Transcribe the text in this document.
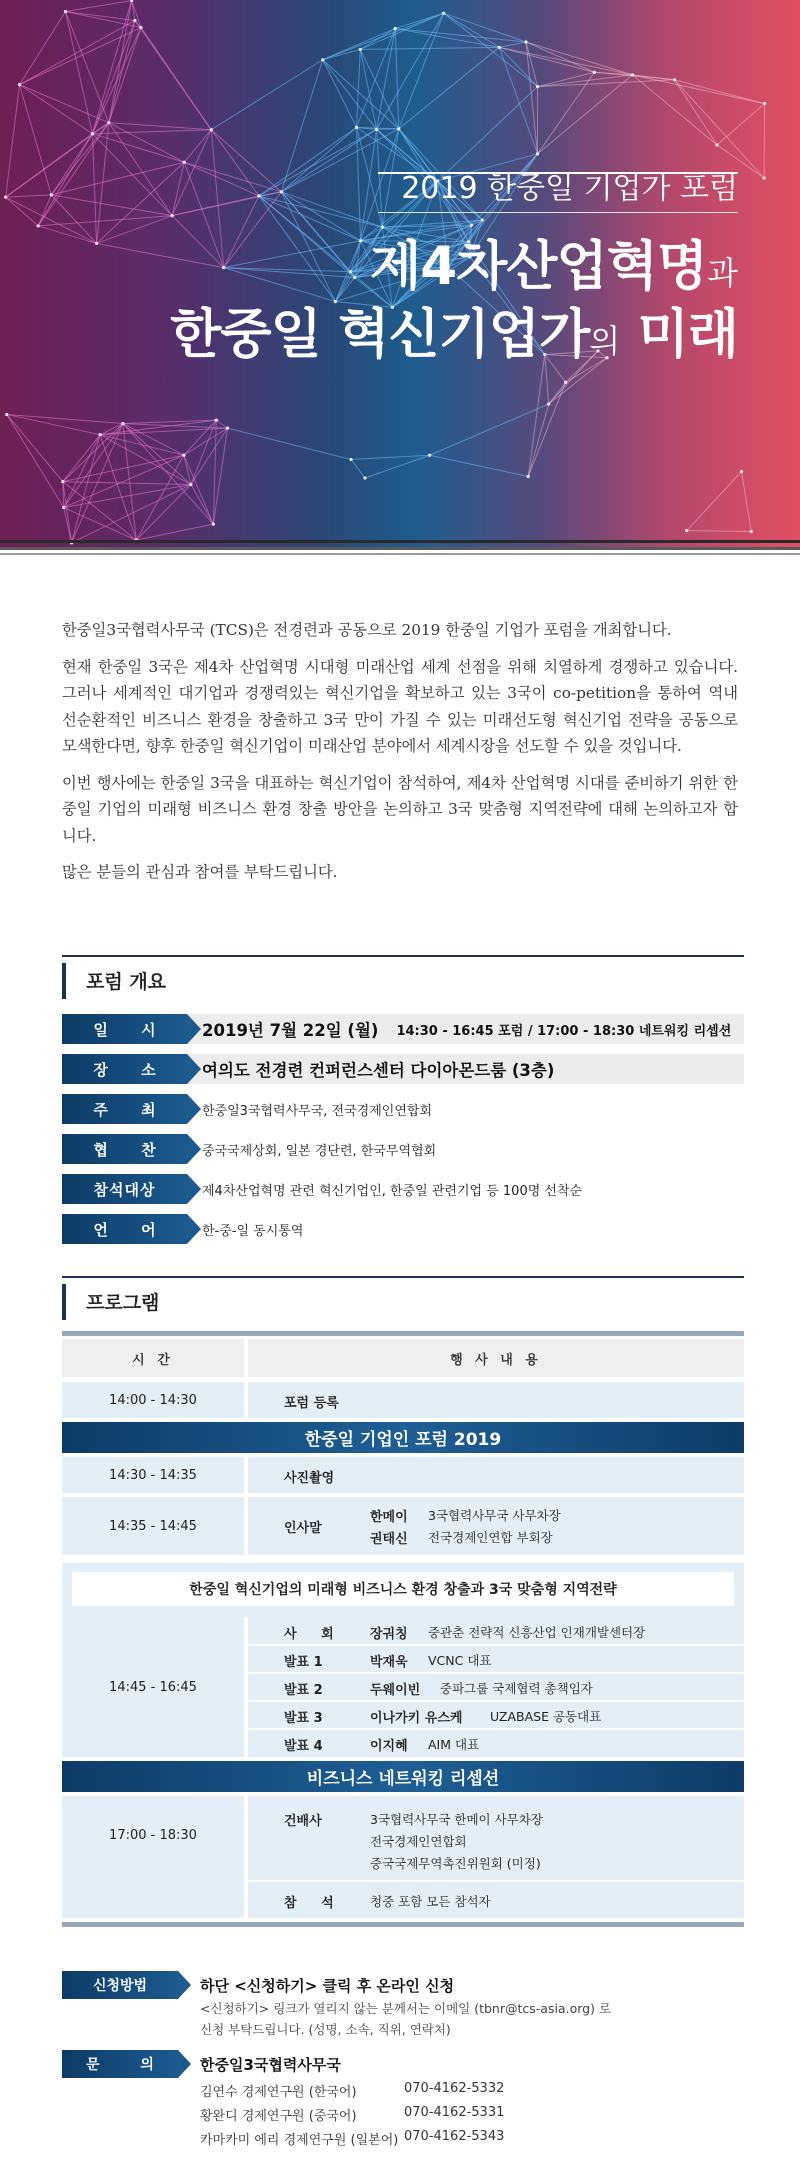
2019 한중일 기업가 포럼
제4차산업혁명과
한중일 혁신기업가의 미래

한중일3국협력사무국 (TCS)은 전경련과 공동으로 2019 한중일 기업가 포럼을 개최합니다.

현재 한중일 3국은 제4차 산업혁명 시대형 미래산업 세계 선점을 위해 치열하게 경쟁하고 있습니다. 그러나 세계적인 대기업과 경쟁력있는 혁신기업을 확보하고 있는 3국이 co-petition을 통하여 역내 선순환적인 비즈니스 환경을 창출하고 3국 만이 가질 수 있는 미래선도형 혁신기업 전략을 공동으로 모색한다면, 향후 한중일 혁신기업이 미래산업 분야에서 세계시장을 선도할 수 있을 것입니다.

이번 행사에는 한중일 3국을 대표하는 혁신기업이 참석하여, 제4차 산업혁명 시대를 준비하기 위한 한중일 기업의 미래형 비즈니스 환경 창출 방안을 논의하고 3국 맞춤형 지역전략에 대해 논의하고자 합니다.

많은 분들의 관심과 참여를 부탁드립니다.

포럼 개요
일 시	2019년 7월 22일 (월) 14:30 - 16:45 포럼 / 17:00 - 18:30 네트워킹 리셉션
장 소	여의도 전경련 컨퍼런스센터 다이아몬드룸 (3층)
주 최	한중일3국협력사무국, 전국경제인연합회
협 찬	중국국제상회, 일본 경단련, 한국무역협회
참석대상	제4차산업혁명 관련 혁신기업인, 한중일 관련기업 등 100명 선착순
언 어	한-중-일 동시통역
프로그램
시 간	행 사 내 용
14:00 - 14:30	포럼 등록
한중일 기업인 포럼 2019
14:30 - 14:35	사진촬영
14:35 - 14:45	인사말
한메이 3국협력사무국 사무차장
권태신 전국경제인연합 부회장
한중일 혁신기업의 미래형 비즈니스 환경 창출과 3국 맞춤형 지역전략
14:45 - 16:45
사 회 장궈칭 중관춘 전략적 신흥산업 인재개발센터장
발표 1	박재욱 VCNC 대표
발표 2	두웨이빈 중파그룹 국제협력 총책임자
발표 3	이나가키 유스케 UZABASE 공동대표
발표 4	이지혜 AIM 대표
비즈니스 네트워킹 리셉션
17:00 - 18:30
건배사	3국협력사무국 한메이 사무차장
전국경제인연합회
중국국제무역촉진위원회 (미정)
참 석 청중 포함 모든 참석자
신청방법	하단 <신청하기> 클릭 후 온라인 신청
<신청하기> 링크가 열리지 않는 분께서는 이메일 (tbnr@tcs-asia.org) 로
신청 부탁드립니다. (성명, 소속, 직위, 연락처)
문 의	한중일3국협력사무국
김연수 경제연구원 (한국어)	070-4162-5332
황완디 경제연구원 (중국어)	070-4162-5331
카마카미 에리 경제연구원 (일본어) 070-4162-5343
